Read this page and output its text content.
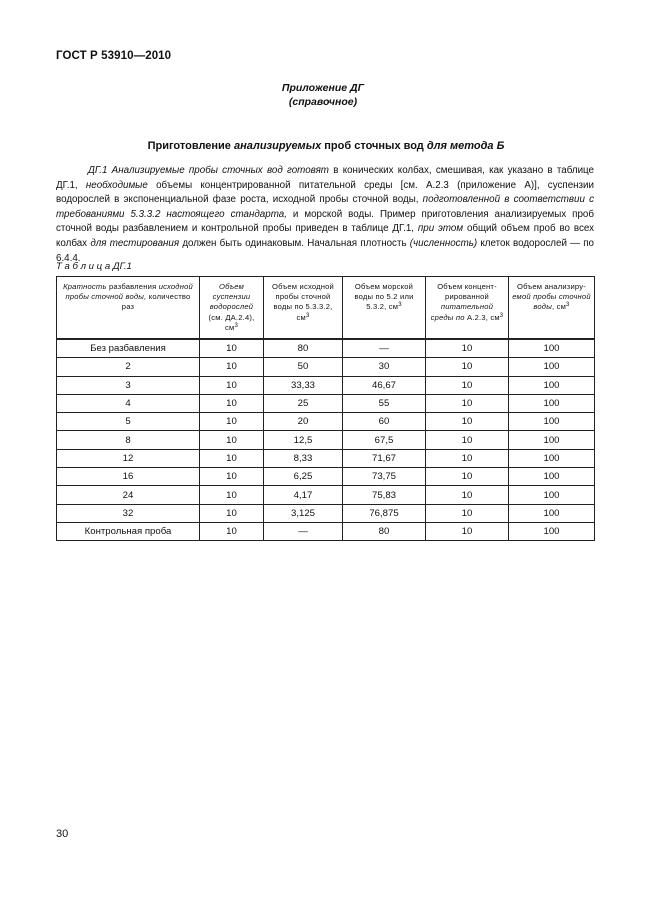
ГОСТ Р 53910—2010
Приложение ДГ
(справочное)
Приготовление анализируемых проб сточных вод для метода Б
ДГ.1 Анализируемые пробы сточных вод готовят в конических колбах, смешивая, как указано в таблице ДГ.1, необходимые объемы концентрированной питательной среды [см. А.2.3 (приложение А)], суспензии водорослей в экспоненциальной фазе роста, исходной пробы сточной воды, подготовленной в соответствии с требованиями 5.3.3.2 настоящего стандарта, и морской воды. Пример приготовления анализируемых проб сточной воды разбавлением и контрольной пробы приведен в таблице ДГ.1, при этом общий объем проб во всех колбах для тестирования должен быть одинаковым. Начальная плотность (численность) клеток водорослей — по 6.4.4.
Т а б л и ц а ДГ.1
Кратность разбавления исходной пробы сточной воды, количество раз	Объем суспензии водорослей (см. ДА.2.4), $см^3$	Объем исходной пробы сточной воды по 5.3.3.2, $см^3$	Объем морской воды по 5.2 или 5.3.2, $см^3$	Объем концент-рированной питательной среды по А.2.3, $см^3$	Объем анализиру-емой пробы сточной воды, $см^3$
Без разбавления	10	80	—	10	100
2	10	50	30	10	100
3	10	33,33	46,67	10	100
4	10	25	55	10	100
5	10	20	60	10	100
8	10	12,5	67,5	10	100
12	10	8,33	71,67	10	100
16	10	6,25	73,75	10	100
24	10	4,17	75,83	10	100
32	10	3,125	76,875	10	100
Контрольная проба	10	—	80	10	100
30
